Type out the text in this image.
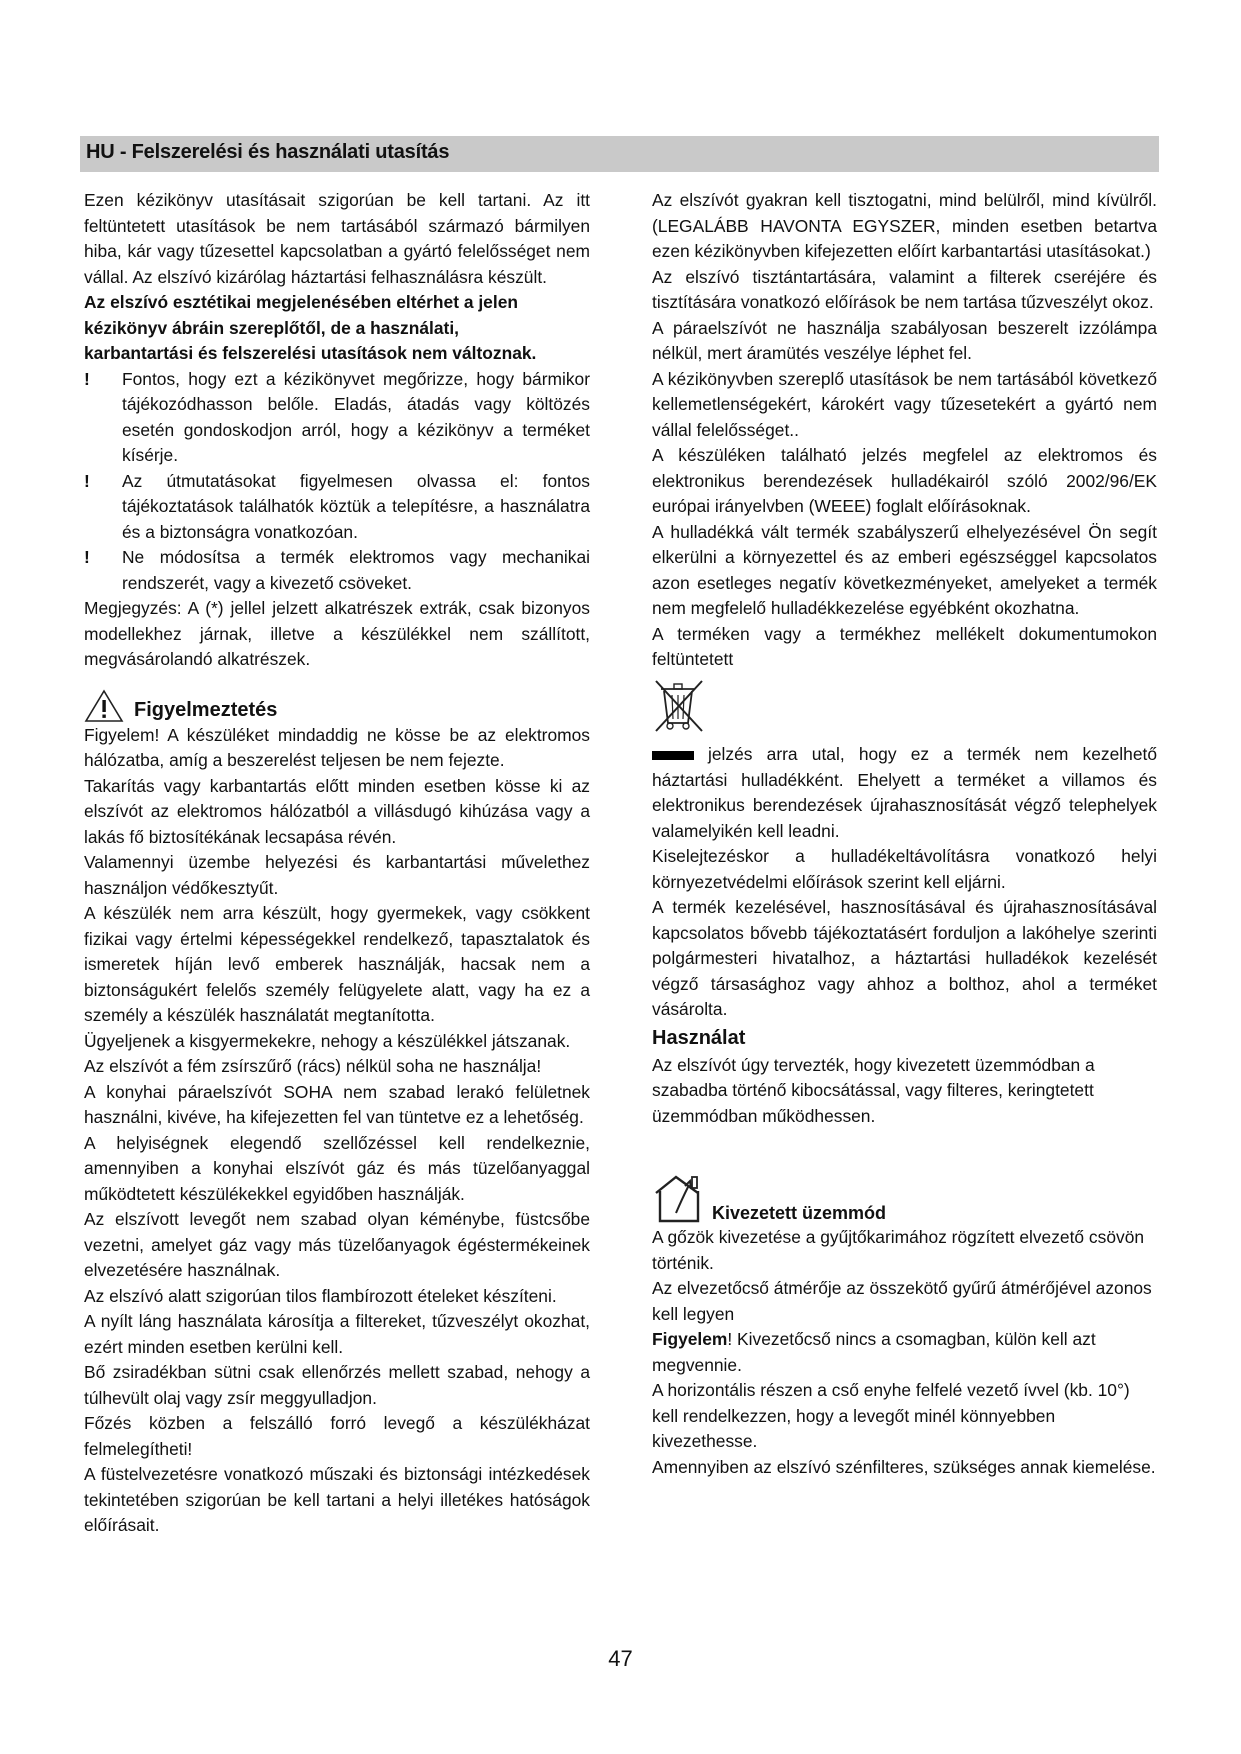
HU - Felszerelési és használati utasítás

Ezen kézikönyv utasításait szigorúan be kell tartani. Az itt feltüntetett utasítások be nem tartásából származó bármilyen hiba, kár vagy tűzesettel kapcsolatban a gyártó felelősséget nem vállal. Az elszívó kizárólag háztartási felhasználásra készült.

Az elszívó esztétikai megjelenésében eltérhet a jelen

kézikönyv ábráin szereplőtől, de a használati,

karbantartási és felszerelési utasítások nem változnak.

! Fontos, hogy ezt a kézikönyvet megőrizze, hogy bármikor tájékozódhasson belőle. Eladás, átadás vagy költözés esetén gondoskodjon arról, hogy a kézikönyv a terméket kísérje.

! Az útmutatásokat figyelmesen olvassa el: fontos tájékoztatások találhatók köztük a telepítésre, a használatra és a biztonságra vonatkozóan.

! Ne módosítsa a termék elektromos vagy mechanikai rendszerét, vagy a kivezető csöveket.

Megjegyzés: A (*) jellel jelzett alkatrészek extrák, csak bizonyos modellekhez járnak, illetve a készülékkel nem szállított, megvásárolandó alkatrészek.

Figyelmeztetés

Figyelem! A készüléket mindaddig ne kösse be az elektromos hálózatba, amíg a beszerelést teljesen be nem fejezte.

Takarítás vagy karbantartás előtt minden esetben kösse ki az elszívót az elektromos hálózatból a villásdugó kihúzása vagy a lakás fő biztosítékának lecsapása révén.

Valamennyi üzembe helyezési és karbantartási művelethez használjon védőkesztyűt.

A készülék nem arra készült, hogy gyermekek, vagy csökkent fizikai vagy értelmi képességekkel rendelkező, tapasztalatok és ismeretek híján levő emberek használják, hacsak nem a biztonságukért felelős személy felügyelete alatt, vagy ha ez a személy a készülék használatát megtanította.

Ügyeljenek a kisgyermekekre, nehogy a készülékkel játszanak.

Az elszívót a fém zsírszűrő (rács) nélkül soha ne használja!

A konyhai páraelszívót SOHA nem szabad lerakó felületnek használni, kivéve, ha kifejezetten fel van tüntetve ez a lehetőség.

A helyiségnek elegendő szellőzéssel kell rendelkeznie, amennyiben a konyhai elszívót gáz és más tüzelőanyaggal működtetett készülékekkel egyidőben használják.

Az elszívott levegőt nem szabad olyan kéménybe, füstcsőbe vezetni, amelyet gáz vagy más tüzelőanyagok égéstermékeinek elvezetésére használnak.

Az elszívó alatt szigorúan tilos flambírozott ételeket készíteni.

A nyílt láng használata károsítja a filtereket, tűzveszélyt okozhat, ezért minden esetben kerülni kell.

Bő zsiradékban sütni csak ellenőrzés mellett szabad, nehogy a túlhevült olaj vagy zsír meggyulladjon.

Főzés közben a felszálló forró levegő a készülékházat felmelegítheti!

A füstelvezetésre vonatkozó műszaki és biztonsági intézkedések tekintetében szigorúan be kell tartani a helyi illetékes hatóságok előírásait.

Az elszívót gyakran kell tisztogatni, mind belülről, mind kívülről. (LEGALÁBB HAVONTA EGYSZER, minden esetben betartva ezen kézikönyvben kifejezetten előírt karbantartási utasításokat.)

Az elszívó tisztántartására, valamint a filterek cseréjére és tisztítására vonatkozó előírások be nem tartása tűzveszélyt okoz.

A páraelszívót ne használja szabályosan beszerelt izzólámpa nélkül, mert áramütés veszélye léphet fel.

A kézikönyvben szereplő utasítások be nem tartásából következő kellemetlenségekért, károkért vagy tűzesetekért a gyártó nem vállal felelősséget..

A készüléken található jelzés megfelel az elektromos és elektronikus berendezések hulladékairól szóló 2002/96/EK európai irányelvben (WEEE) foglalt előírásoknak.

A hulladékká vált termék szabályszerű elhelyezésével Ön segít elkerülni a környezettel és az emberi egészséggel kapcsolatos azon esetleges negatív következményeket, amelyeket a termék nem megfelelő hulladékkezelése egyébként okozhatna.

A terméken vagy a termékhez mellékelt dokumentumokon feltüntetett

jelzés arra utal, hogy ez a termék nem kezelhető háztartási hulladékként. Ehelyett a terméket a villamos és elektronikus berendezések újrahasznosítását végző telephelyek valamelyikén kell leadni.

Kiselejtezéskor a hulladékeltávolításra vonatkozó helyi környezetvédelmi előírások szerint kell eljárni.

A termék kezelésével, hasznosításával és újrahasznosításával kapcsolatos bővebb tájékoztatásért forduljon a lakóhelye szerinti polgármesteri hivatalhoz, a háztartási hulladékok kezelését végző társasághoz vagy ahhoz a bolthoz, ahol a terméket vásárolta.

Használat

Az elszívót úgy tervezték, hogy kivezetett üzemmódban a szabadba történő kibocsátással, vagy filteres, keringtetett üzemmódban működhessen.

Kivezetett üzemmód

A gőzök kivezetése a gyűjtőkarimához rögzített elvezető csövön történik.

Az elvezetőcső átmérője az összekötő gyűrű átmérőjével azonos kell legyen

Figyelem! Kivezetőcső nincs a csomagban, külön kell azt megvennie.

A horizontális részen a cső enyhe felfelé vezető ívvel (kb. 10°) kell rendelkezzen, hogy a levegőt minél könnyebben kivezethesse.

Amennyiben az elszívó szénfilteres, szükséges annak kiemelése.

47
